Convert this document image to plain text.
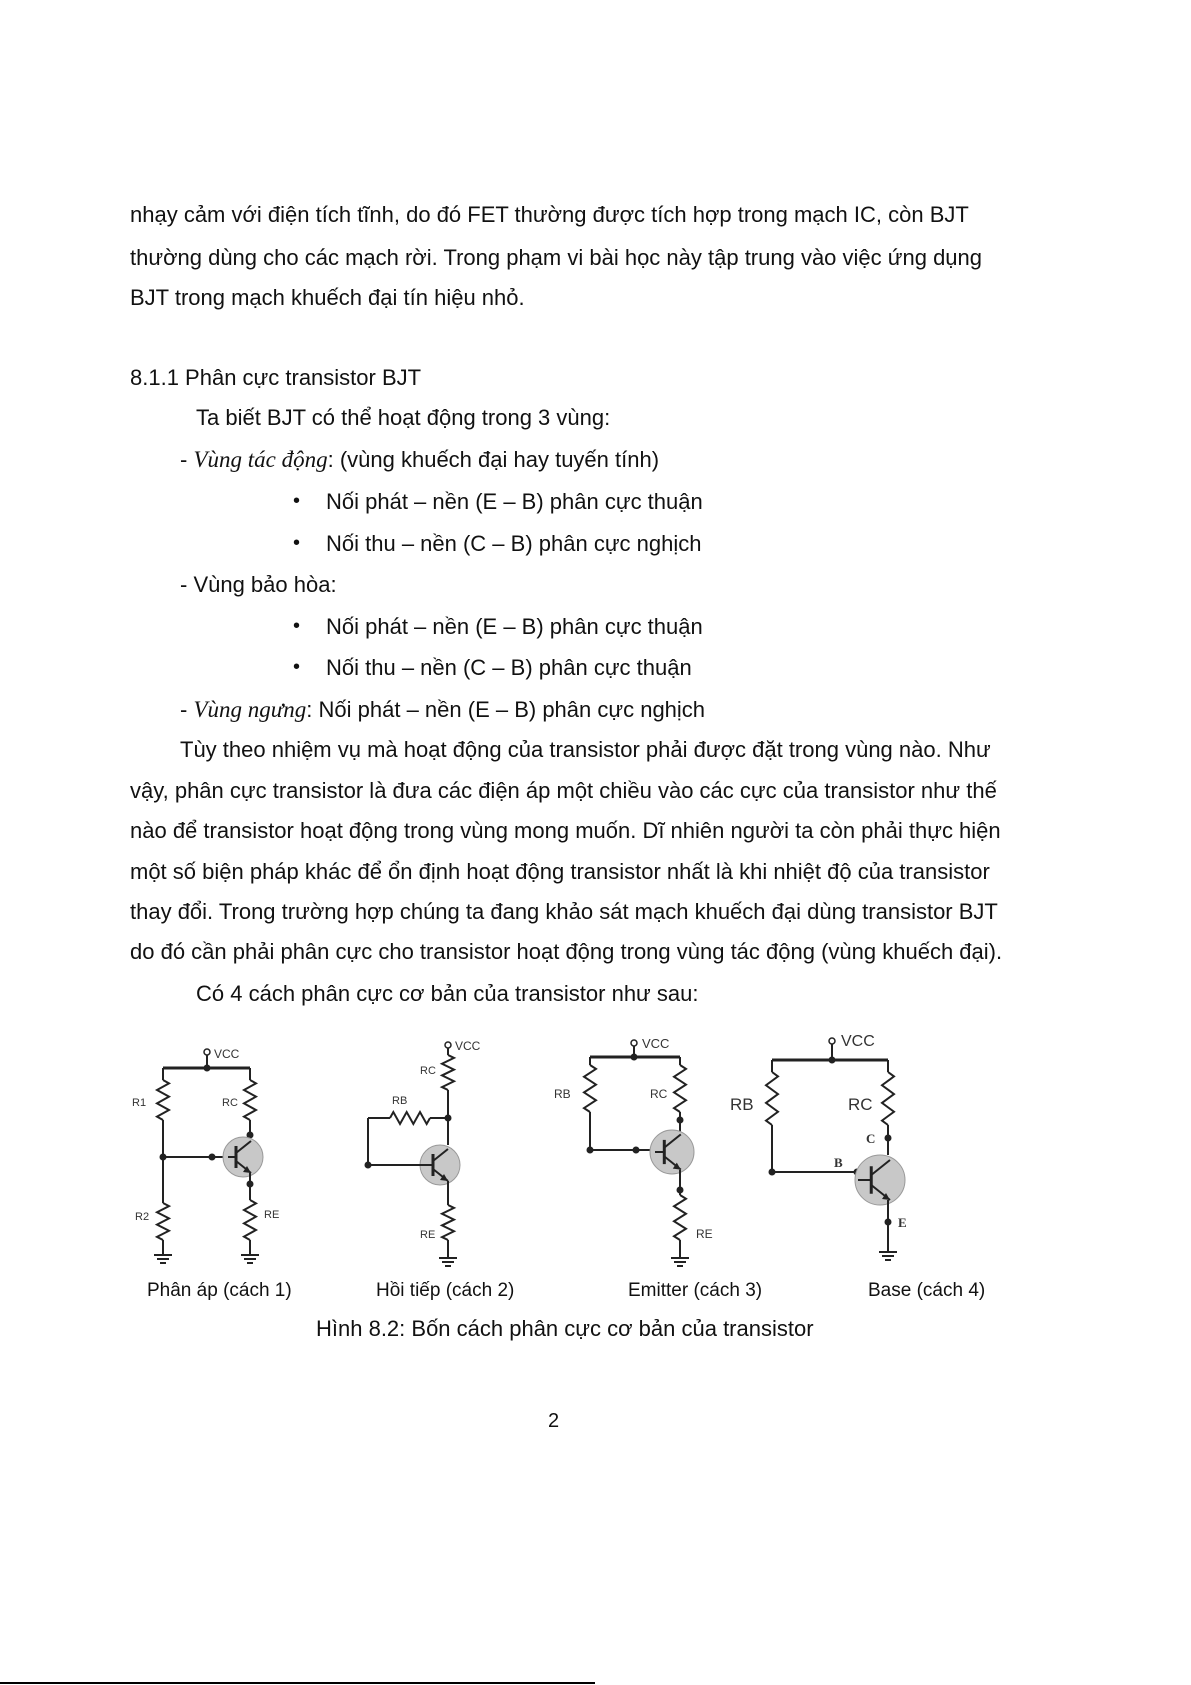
nhạy cảm với điện tích tĩnh, do đó FET thường được tích hợp trong mạch IC, còn BJT
thường dùng cho các mạch rời. Trong phạm vi bài học này tập trung vào việc ứng dụng
BJT trong mạch khuếch đại tín hiệu nhỏ.
8.1.1 Phân cực transistor BJT
Ta biết BJT có thể hoạt động trong 3 vùng:
- Vùng tác động: (vùng khuếch đại hay tuyến tính)
• Nối phát – nền (E – B) phân cực thuận
• Nối thu – nền (C – B) phân cực nghịch
- Vùng bảo hòa:
• Nối phát – nền (E – B) phân cực thuận
• Nối thu – nền (C – B) phân cực thuận
- Vùng ngưng: Nối phát – nền (E – B) phân cực nghịch
Tùy theo nhiệm vụ mà hoạt động của transistor phải được đặt trong vùng nào. Như
vậy, phân cực transistor là đưa các điện áp một chiều vào các cực của transistor như thế
nào để transistor hoạt động trong vùng mong muốn. Dĩ nhiên người ta còn phải thực hiện
một số biện pháp khác để ổn định hoạt động transistor nhất là khi nhiệt độ của transistor
thay đổi. Trong trường hợp chúng ta đang khảo sát mạch khuếch đại dùng transistor BJT
do đó cần phải phân cực cho transistor hoạt động trong vùng tác động (vùng khuếch đại).
Có 4 cách phân cực cơ bản của transistor như sau:
VCC
R1	RC
R2	RE
VCC
RC
RB
RE
VCC
RB	RC
RE
VCC
RB	RC
C
B
E
Phân áp (cách 1)	Hồi tiếp (cách 2)	Emitter (cách 3)	Base (cách 4)
Hình 8.2: Bốn cách phân cực cơ bản của transistor
2
